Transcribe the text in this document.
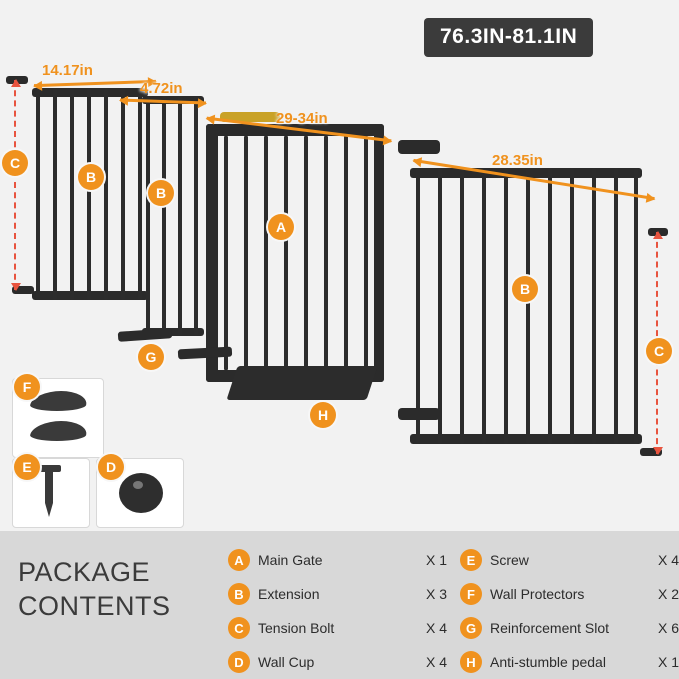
76.3IN-81.1IN
14.17in
4.72in
29-34in
28.35in
C
B
B
A
B
C
G
H
F
E	D
PACKAGE
CONTENTS
A	Main Gate	X 1
B	Extension	X 3
C	Tension Bolt	X 4
D	Wall Cup	X 4
E	Screw	X 4
F	Wall Protectors	X 2
G Reinforcement Slot	X 6
H	Anti-stumble pedal	X 1
